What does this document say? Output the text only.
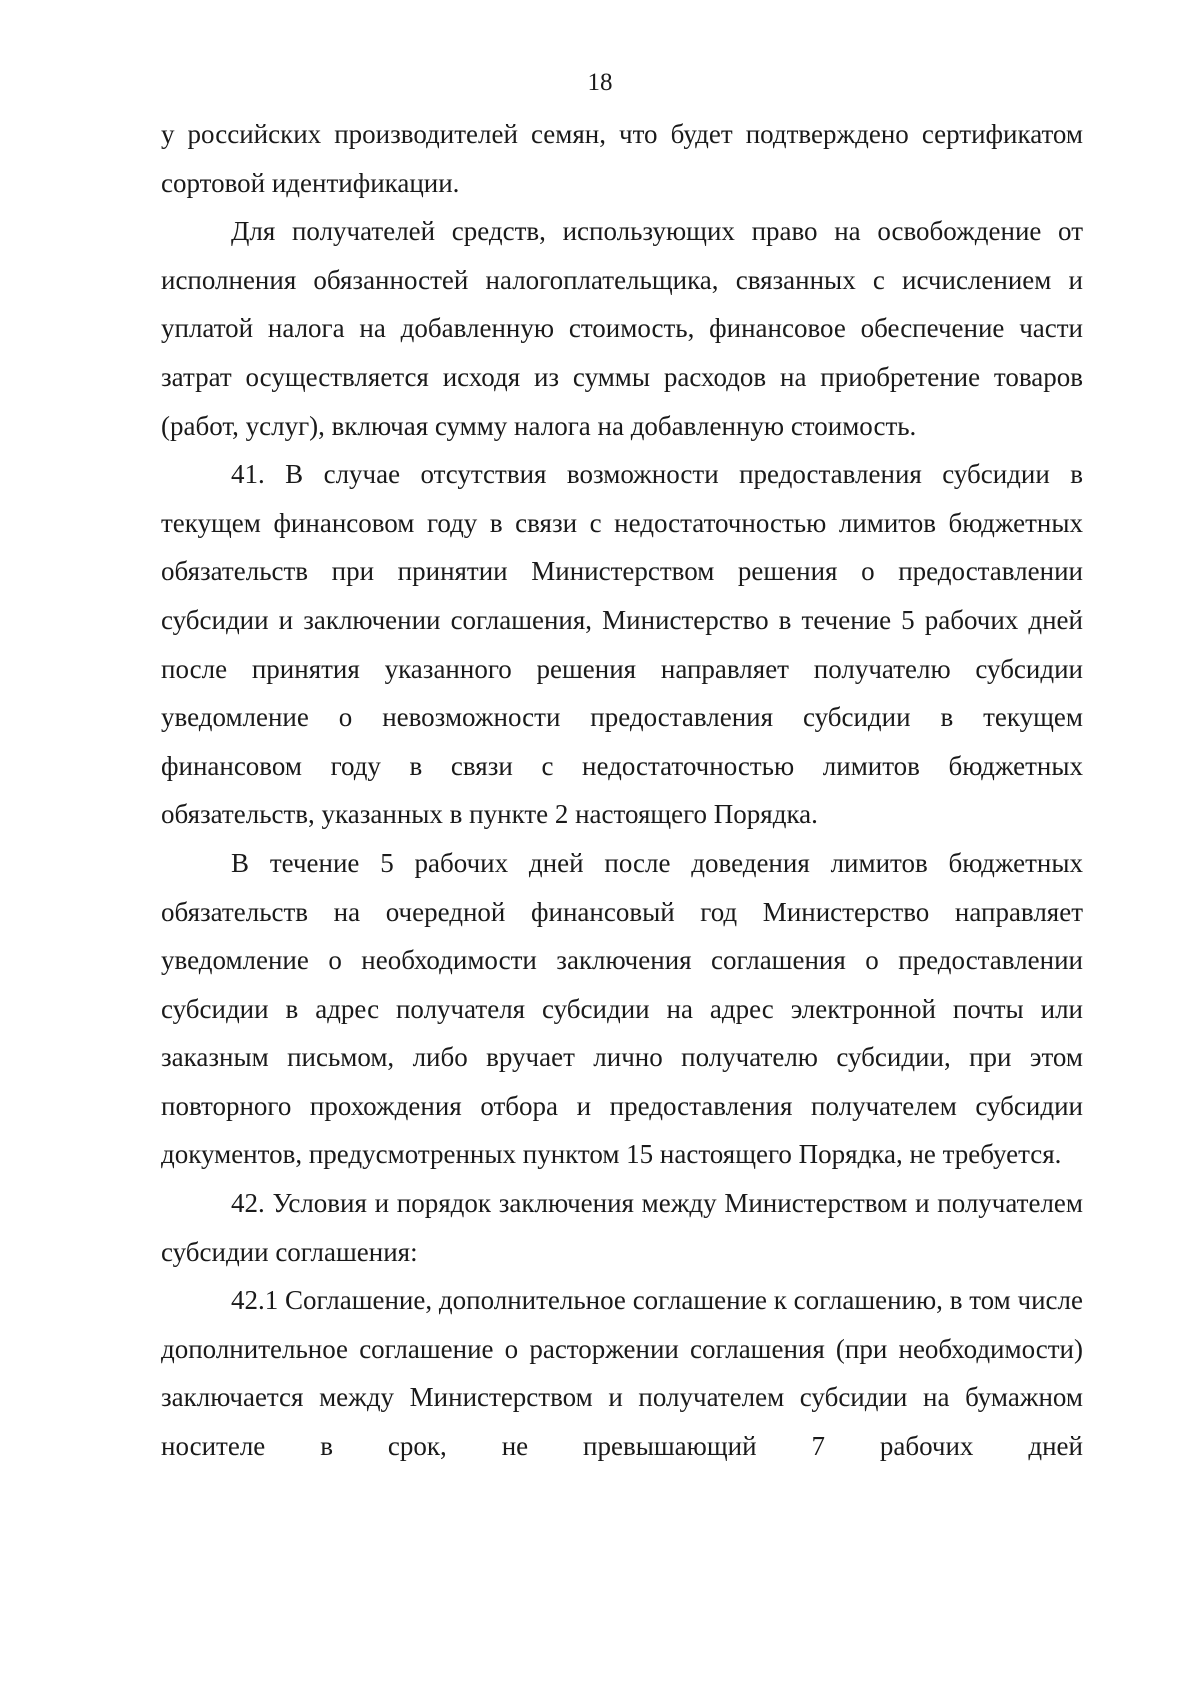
18

у российских производителей семян, что будет подтверждено сертификатом сортовой идентификации.

Для получателей средств, использующих право на освобождение от исполнения обязанностей налогоплательщика, связанных с исчислением и уплатой налога на добавленную стоимость, финансовое обеспечение части затрат осуществляется исходя из суммы расходов на приобретение товаров (работ, услуг), включая сумму налога на добавленную стоимость.

41. В случае отсутствия возможности предоставления субсидии в текущем финансовом году в связи с недостаточностью лимитов бюджетных обязательств при принятии Министерством решения о предоставлении субсидии и заключении соглашения, Министерство в течение 5 рабочих дней после принятия указанного решения направляет получателю субсидии уведомление о невозможности предоставления субсидии в текущем финансовом году в связи с недостаточностью лимитов бюджетных обязательств, указанных в пункте 2 настоящего Порядка.

В течение 5 рабочих дней после доведения лимитов бюджетных обязательств на очередной финансовый год Министерство направляет уведомление о необходимости заключения соглашения о предоставлении субсидии в адрес получателя субсидии на адрес электронной почты или заказным письмом, либо вручает лично получателю субсидии, при этом повторного прохождения отбора и предоставления получателем субсидии документов, предусмотренных пунктом 15 настоящего Порядка, не требуется.

42. Условия и порядок заключения между Министерством и получателем субсидии соглашения:

42.1 Соглашение, дополнительное соглашение к соглашению, в том числе дополнительное соглашение о расторжении соглашения (при необходимости) заключается между Министерством и получателем субсидии на бумажном носителе в срок, не превышающий 7 рабочих дней
